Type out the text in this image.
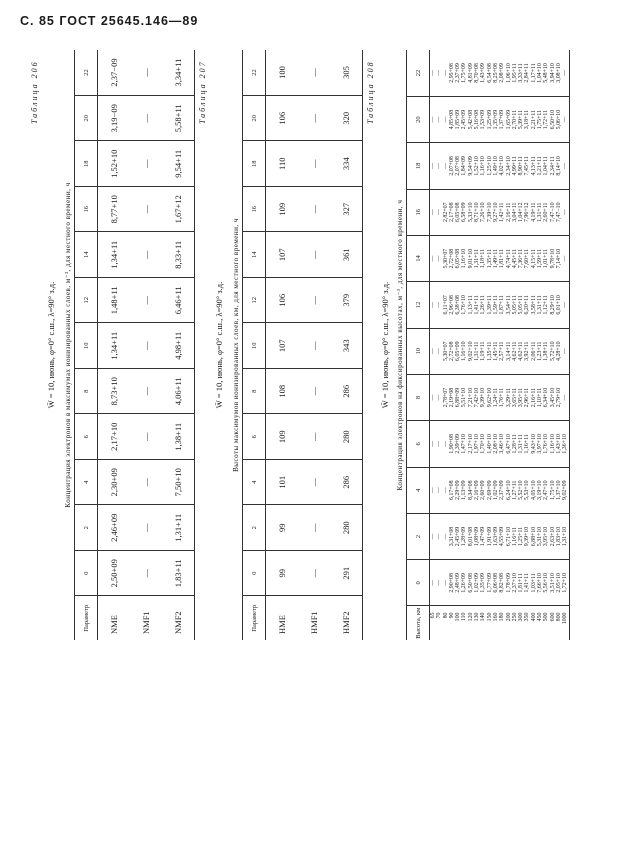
С. 85 ГОСТ 25645.146—89
Таблица 206
W̄ = 10, июнь, φ=0° с.ш., λ=90° з.д. Концентрация электронов в максимумах ионизированных слоев, м⁻³, для местного времени, ч
Параметр	0	2	4	6	8	10	12	14	16	18	20	22
NME	2,50+09	2,46+09	2,30+09	2,17+10	8,73+10	1,34+11	1,48+11	1,34+11	8,77+10	1,52+10	3,19−09	2,37−09
NMF1	—	—	—	—	—	—	—	—	—	—	—	—
NMF2	1,83+11	1,31+11	7,50+10	1,38+11	4,06+11	4,98+11	6,46+11	8,33+11	1,67+12	9,54+11	5,58+11	3,34+11 Таблица 207
W̄ = 10, июнь, φ=0° с.ш., λ=90° з.д. Высоты максимумов ионизированных слоев, км, для местного времени, ч
Параметр	0	2	4	6	8	10	12	14	16	18	20	22
HME	99	99	101	109	108	107	106	107	109	110	106	100
HMF1	—	—	—	—	—	—	—	—	—	—	—	—
HMF2	291	280	286	280	286	343	379	361	327	334	320	305 Таблица 208
W̄ = 10, июнь, φ=0° с.ш., λ=90° з.д. Концентрация электронов на фиксированных высотах, м⁻³, для местного времени, ч
Высота, км	0	2	4	6	8	10	12	14	16	18	20	22
65	—	—	—	—	—	—	—	—	—	—	—	—
70	—	—	—	—	—	—	—	—	—	—	—	—
80	—	—	—	—	2,78+07	5,30+07	6,11+07	5,30+07	2,82+07	—	—	—
90	2,90+08	3,31+08	6,17+08	1,90+08	2,19+08	2,72+08	2,96+08	2,72+08	2,17+08	2,07+08	4,85+08	2,95+08
100	2,48+09	2,45+09	2,29+09	2,39+09	6,88+09	6,05+09	6,38+08	6,05+08	6,05+08	2,07+08	1,85+09	2,37+09
110	1,26+09	1,28+09	1,13+09	1,47+10	5,51+10	1,16+10	1,76+10	1,16+10	6,58+09	1,84+09	2,45+09	1,75+09
120	6,50+08	8,01+08	8,34+08	2,17+10	7,21+10	9,02+10	1,13+11	9,01+10	5,33+10	9,54+09	5,42+08	4,81+09
130	1,02+09	1,08+09	2,16+09	1,97+10	7,42+10	1,31+11	1,41+11	1,31+11	8,71+10	1,52+10	5,16+08	8,70+08
140	1,35+09	1,47+09	2,60+09	1,70+10	9,39+10	1,19+11	1,26+11	1,18+11	7,26+10	1,16+10	1,53+09	1,43+09
150	1,77+09	1,91+09	2,69+09	1,40+10	9,62+10	1,35+11	1,39+11	1,35+11	7,39+10	1,25+10	1,25+09	6,54+08
160	6,06+08	1,63+09	1,02+09	2,08+10	1,24+11	1,45+11	1,59+11	1,49+11	9,27+10	1,49+10	1,35+09	8,25+08
180	8,82+08	4,55+09	2,37+09	3,46+10	1,76+11	2,57+11	1,87+11	1,81+11	1,42+11	4,02+10	1,37+09	2,08+09
200	1,78+09	6,71+10	6,24+10	6,47+10	3,29+11	3,14+11	3,54+11	4,74+11	2,16+11	2,34+10	1,65+09	1,06+10
250	2,37+10	1,16+11	1,27+11	1,28+11	3,65+11	4,62+11	5,05+11	4,45+11	3,04+11	4,99+11	2,70+11	1,95+11
300	1,81+11	1,25+11	5,52+10	1,31+11	3,95+11	4,62+11	5,05+11	7,36+11	1,04+12	8,90+11	5,39+11	3,33+11
350	1,41+11	9,39+10	5,53+10	1,16+11	2,96+11	3,92+11	6,20+11	7,60+11	7,96+12	7,45+11	3,18+11	2,84+11
400	1,03+11	6,88+10	4,05+10	9,43+10	2,16+11	2,06+11	3,58+11	4,15+11	4,19+11	4,13+11	2,21+11	1,17+11
450	7,66+10	5,31+10	3,19+10	3,97+10	1,10+11	1,23+11	1,31+11	1,59+11	1,31+11	1,21+11	1,75+11	1,04+10
500	5,56+10	3,95+10	2,47+10	1,76+10	6,34+10	1,38+11	1,12+11	1,01+11	2,60+11	1,04+11	1,72+11	5,48+10
600	3,51+10	2,63+10	1,75+10	1,16+10	3,45+10	5,72+10	8,29+10	9,78+10	7,47−10	2,34+11	6,50+10	3,94+10
800	2,05+10	1,83+10	1,37+10	1,43+10	2,79+10	4,28+10	6,01+10	7,14+10	7,47−10	8,14+10	5,06+10	3,08+10
1000	1,72+10	1,31+10	9,02+09	1,36+10	—	—	—	—	—	—	—	—
